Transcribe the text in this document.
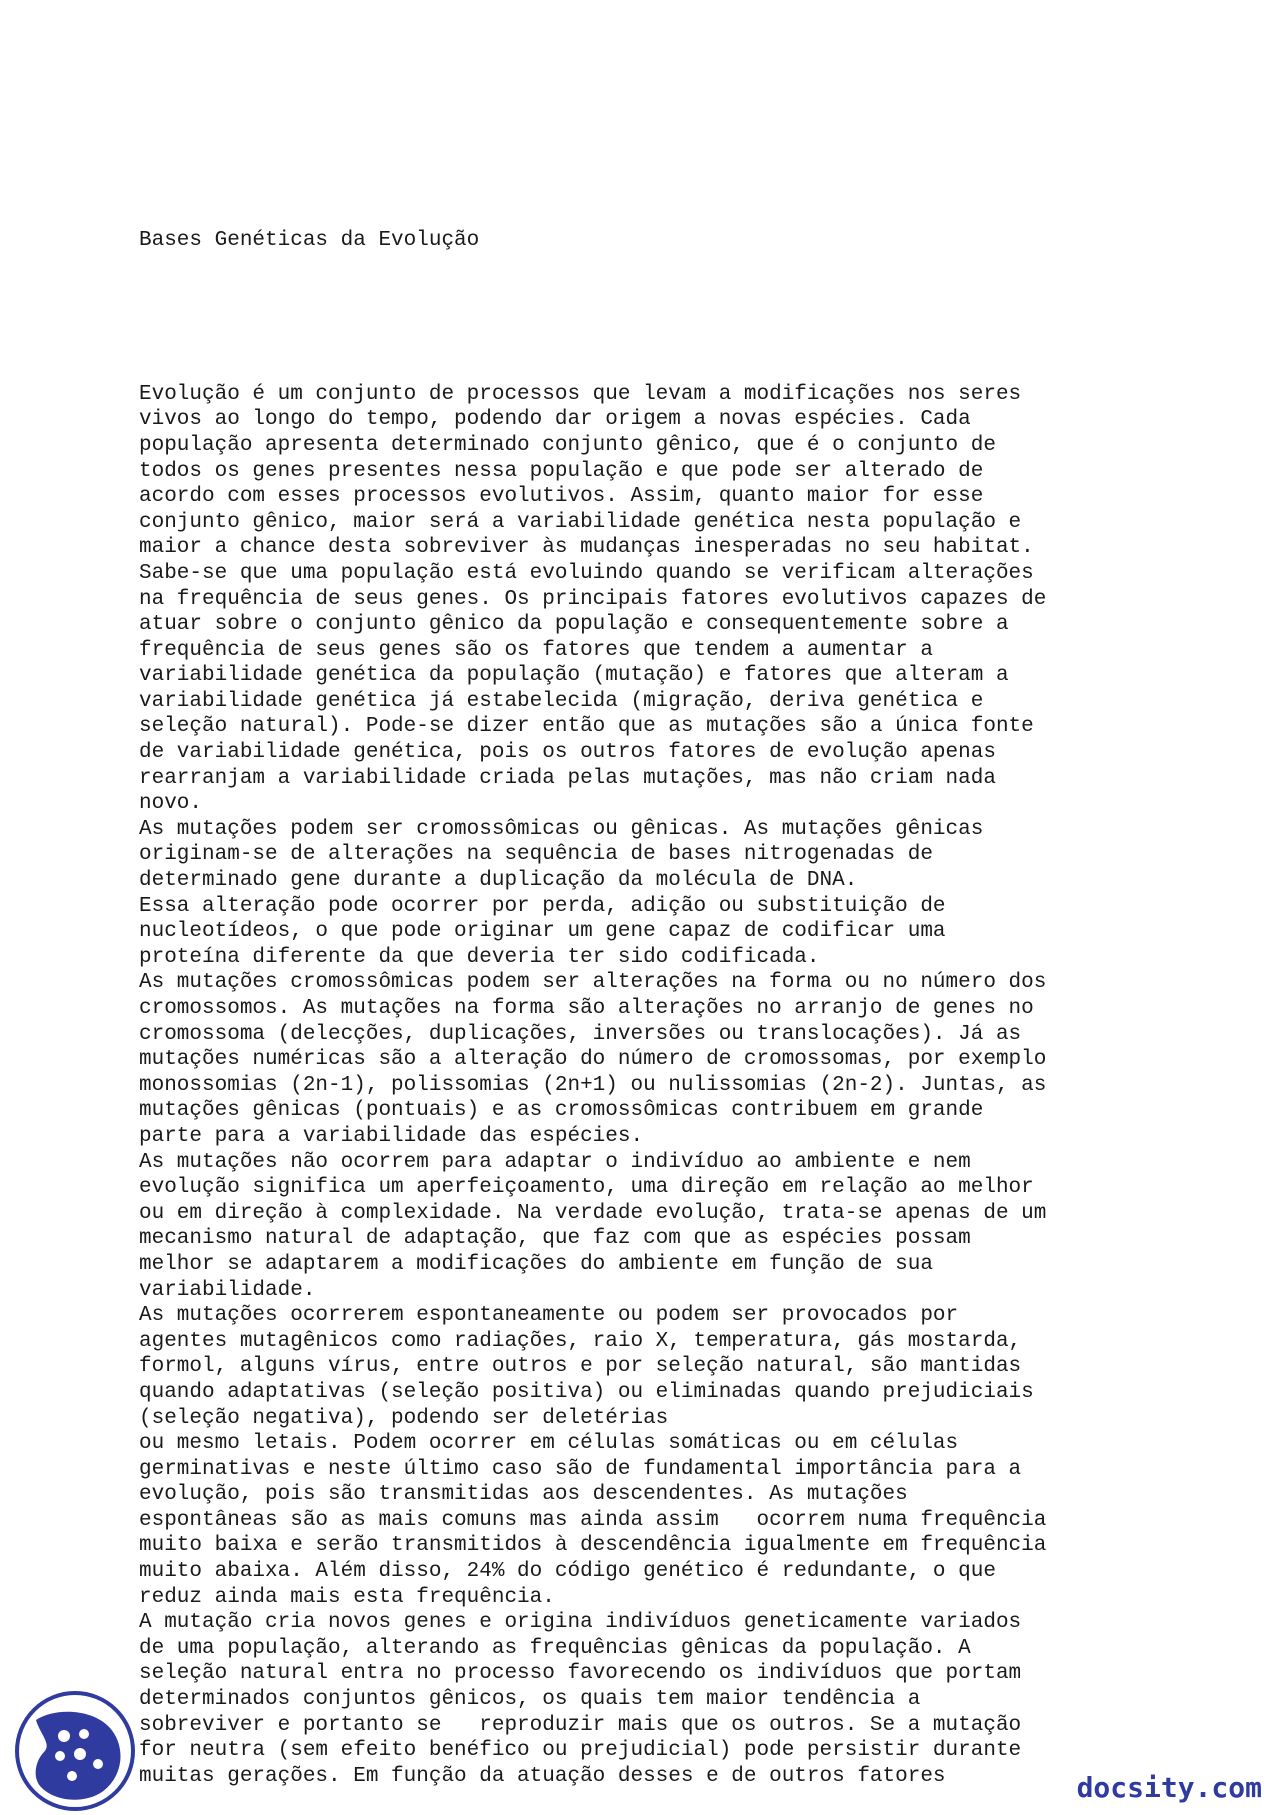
Bases Genéticas da Evolução

Evolução é um conjunto de processos que levam a modificações nos seres
vivos ao longo do tempo, podendo dar origem a novas espécies. Cada
população apresenta determinado conjunto gênico, que é o conjunto de
todos os genes presentes nessa população e que pode ser alterado de
acordo com esses processos evolutivos. Assim, quanto maior for esse
conjunto gênico, maior será a variabilidade genética nesta população e
maior a chance desta sobreviver às mudanças inesperadas no seu habitat.
Sabe-se que uma população está evoluindo quando se verificam alterações
na frequência de seus genes. Os principais fatores evolutivos capazes de
atuar sobre o conjunto gênico da população e consequentemente sobre a
frequência de seus genes são os fatores que tendem a aumentar a
variabilidade genética da população (mutação) e fatores que alteram a
variabilidade genética já estabelecida (migração, deriva genética e
seleção natural). Pode-se dizer então que as mutações são a única fonte
de variabilidade genética, pois os outros fatores de evolução apenas
rearranjam a variabilidade criada pelas mutações, mas não criam nada
novo.
As mutações podem ser cromossômicas ou gênicas. As mutações gênicas
originam-se de alterações na sequência de bases nitrogenadas de
determinado gene durante a duplicação da molécula de DNA.
Essa alteração pode ocorrer por perda, adição ou substituição de
nucleotídeos, o que pode originar um gene capaz de codificar uma
proteína diferente da que deveria ter sido codificada.
As mutações cromossômicas podem ser alterações na forma ou no número dos
cromossomos. As mutações na forma são alterações no arranjo de genes no
cromossoma (delecções, duplicações, inversões ou translocações). Já as
mutações numéricas são a alteração do número de cromossomas, por exemplo
monossomias (2n-1), polissomias (2n+1) ou nulissomias (2n-2). Juntas, as
mutações gênicas (pontuais) e as cromossômicas contribuem em grande
parte para a variabilidade das espécies.
As mutações não ocorrem para adaptar o indivíduo ao ambiente e nem
evolução significa um aperfeiçoamento, uma direção em relação ao melhor
ou em direção à complexidade. Na verdade evolução, trata-se apenas de um
mecanismo natural de adaptação, que faz com que as espécies possam
melhor se adaptarem a modificações do ambiente em função de sua
variabilidade.
As mutações ocorrerem espontaneamente ou podem ser provocados por
agentes mutagênicos como radiações, raio X, temperatura, gás mostarda,
formol, alguns vírus, entre outros e por seleção natural, são mantidas
quando adaptativas (seleção positiva) ou eliminadas quando prejudiciais
(seleção negativa), podendo ser deletérias
ou mesmo letais. Podem ocorrer em células somáticas ou em células
germinativas e neste último caso são de fundamental importância para a
evolução, pois são transmitidas aos descendentes. As mutações
espontâneas são as mais comuns mas ainda assim   ocorrem numa frequência
muito baixa e serão transmitidos à descendência igualmente em frequência
muito abaixa. Além disso, 24% do código genético é redundante, o que
reduz ainda mais esta frequência.
A mutação cria novos genes e origina indivíduos geneticamente variados
de uma população, alterando as frequências gênicas da população. A
seleção natural entra no processo favorecendo os indivíduos que portam
determinados conjuntos gênicos, os quais tem maior tendência a
sobreviver e portanto se   reproduzir mais que os outros. Se a mutação
for neutra (sem efeito benéfico ou prejudicial) pode persistir durante
muitas gerações. Em função da atuação desses e de outros fatores	docsity.com
